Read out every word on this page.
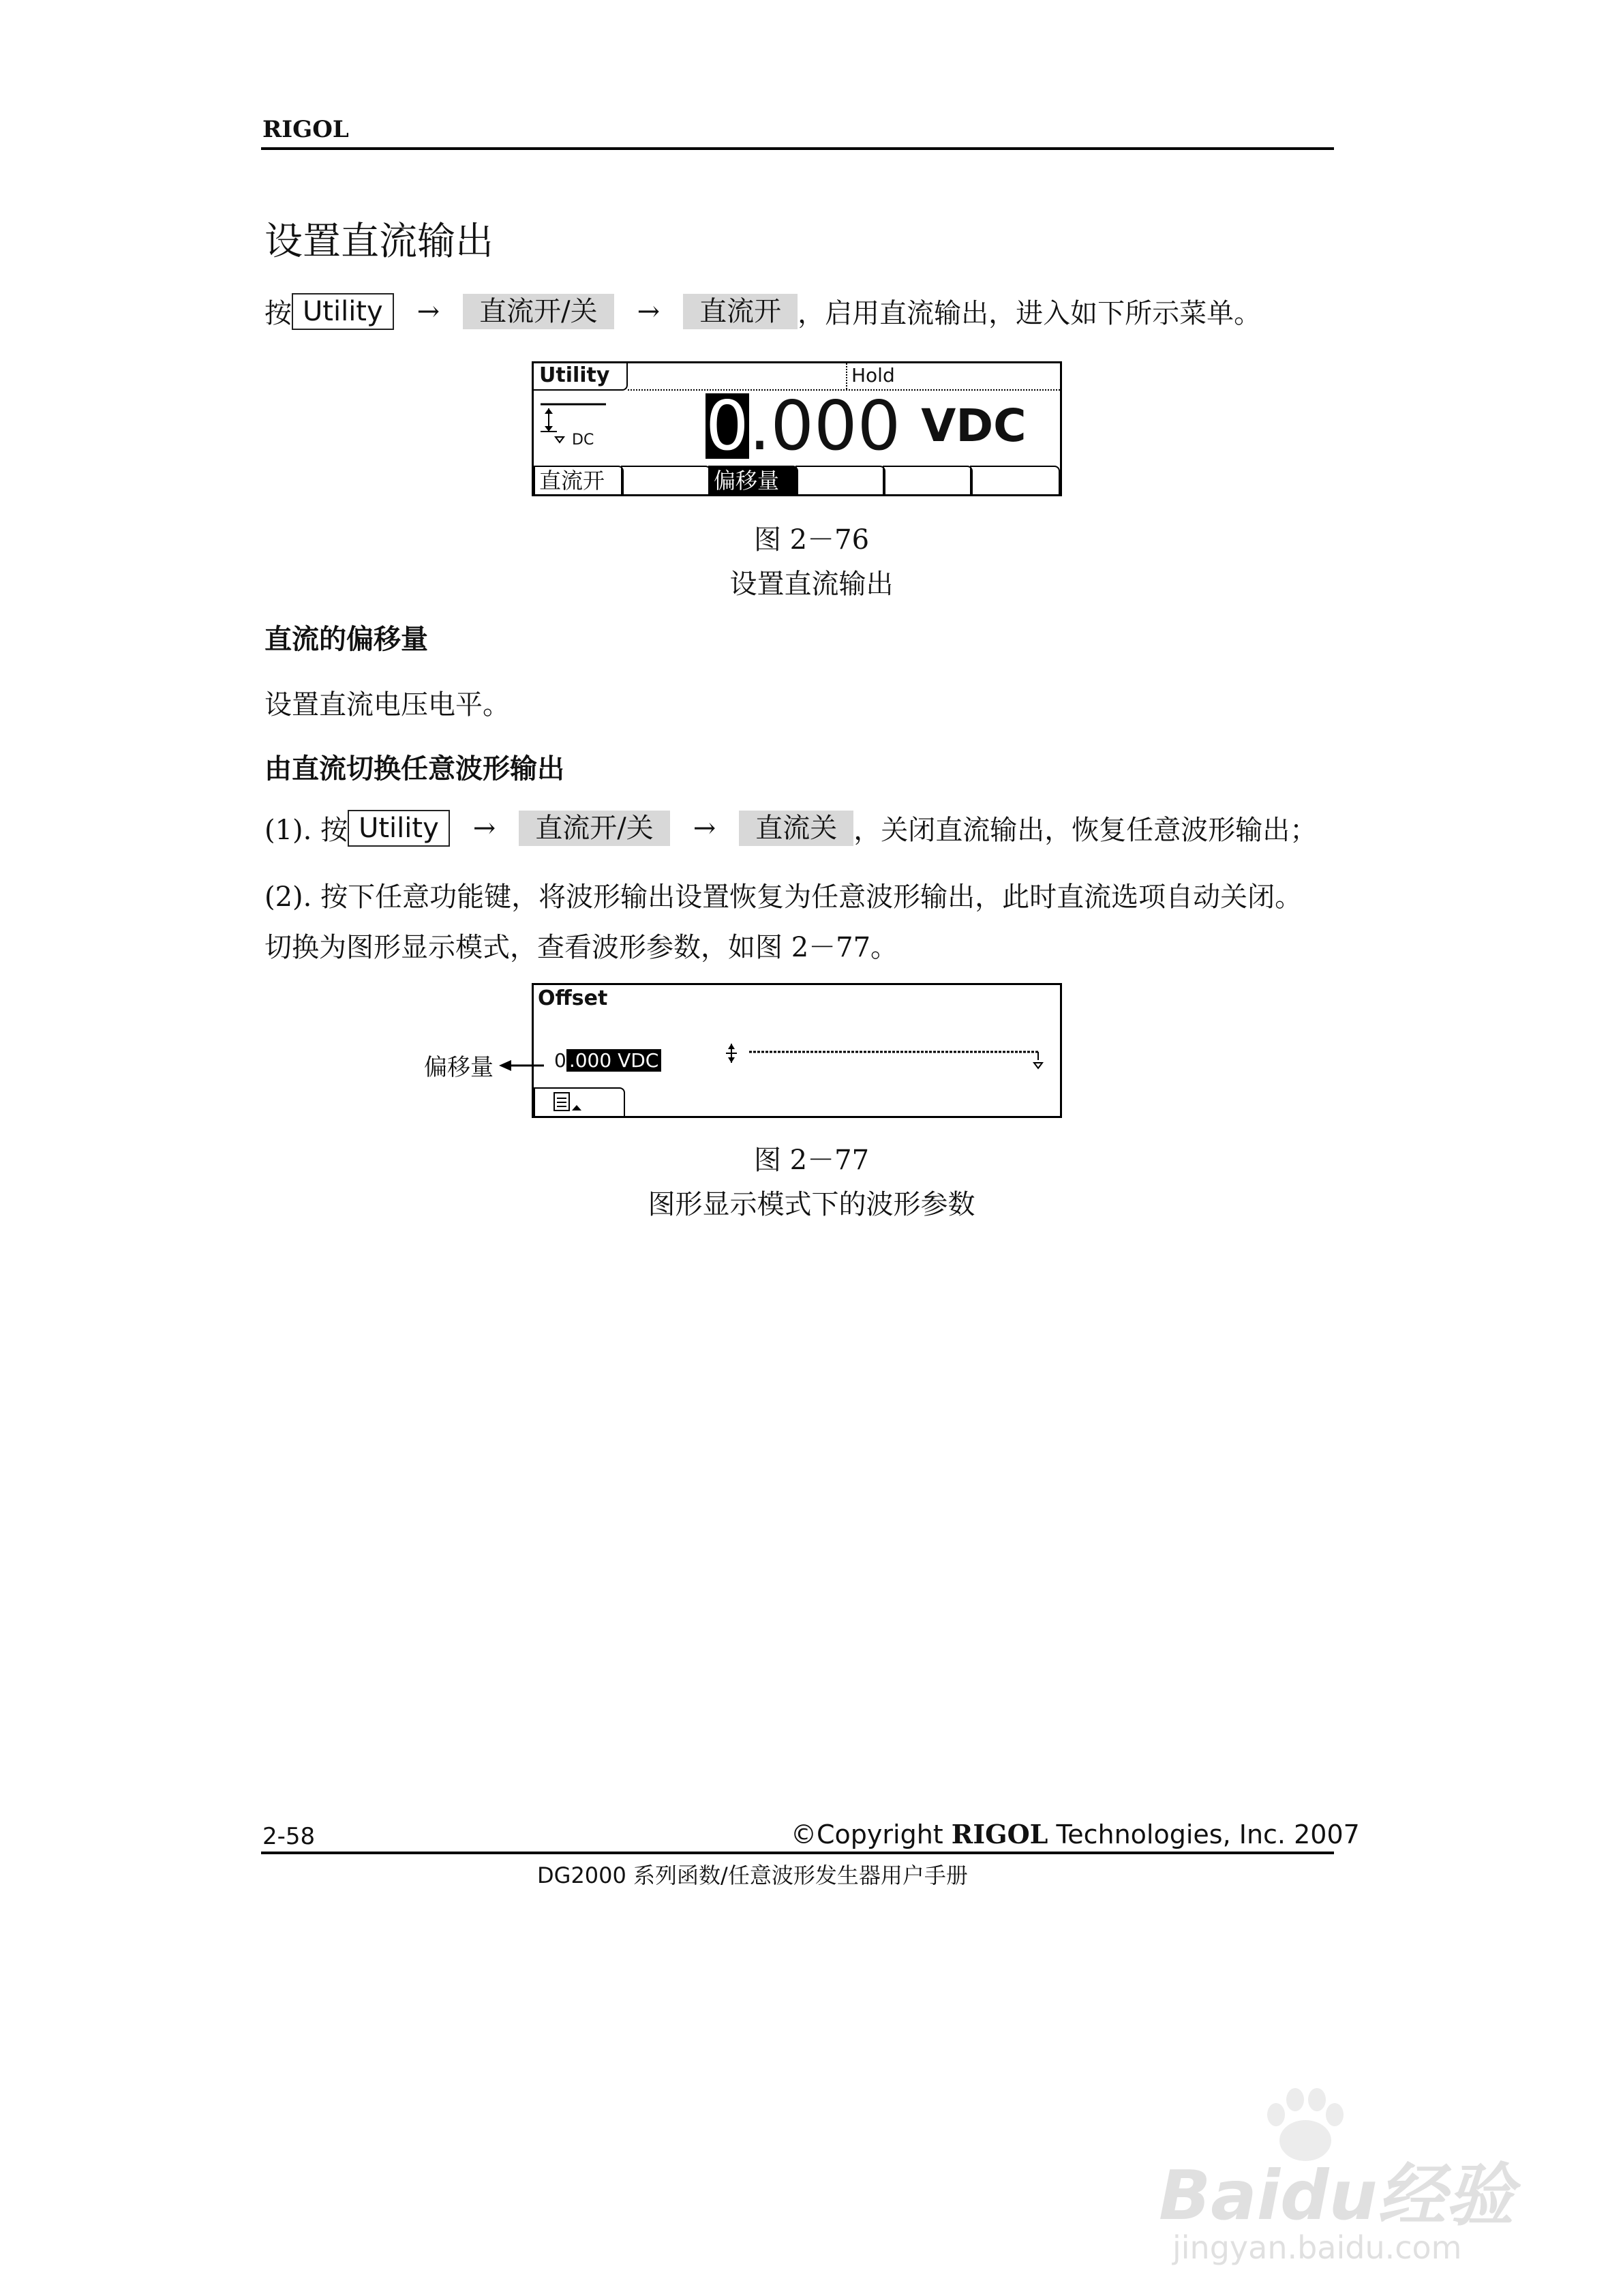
RIGOL
设置直流输出
按 Utility	→	直流开/关	→	直流开 ，启用直流输出，进入如下所示菜单。
Utility	Hold
DC 0 .000 VDC
直流开	偏移量
图 2－76
设置直流输出
直流的偏移量
设置直流电压电平。
由直流切换任意波形输出
(1). 按 Utility	→	直流开/关	→	直流关 ，关闭直流输出，恢复任意波形输出；
(2). 按下任意功能键，将波形输出设置恢复为任意波形输出，此时直流选项自动关闭。
切换为图形显示模式，查看波形参数，如图 2－77。
Offset
0 .000 VDC
偏移量
图 2－77
图形显示模式下的波形参数
2-58	©Copyright RIGOL Technologies, Inc. 2007
DG2000 系列函数/任意波形发生器用户手册
Baidu经验
jingyan.baidu.com
